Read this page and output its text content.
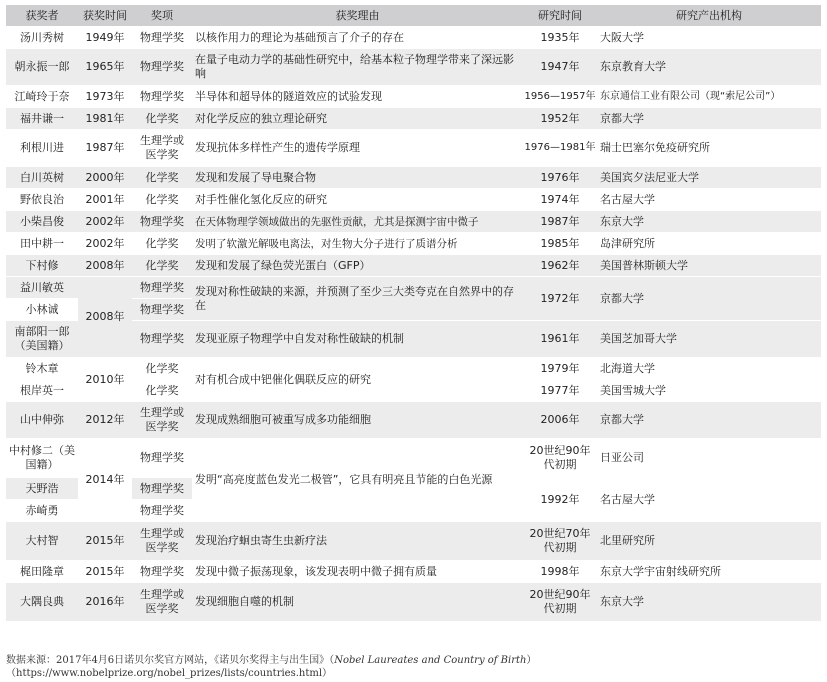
获奖者	获奖时间	奖项	获奖理由	研究时间	研究产出机构
汤川秀树	1949年	物理学奖	以核作用力的理论为基础预言了介子的存在	1935年	大阪大学
朝永振一郎	1965年	物理学奖	在量子电动力学的基础性研究中，给基本粒子物理学带来了深远影响	1947年	东京教育大学
江崎玲于奈	1973年	物理学奖	半导体和超导体的隧道效应的试验发现	1956—1957年	东京通信工业有限公司（现“索尼公司”）
福井谦一	1981年	化学奖	对化学反应的独立理论研究	1952年	京都大学
利根川进	1987年	生理学或医学奖	发现抗体多样性产生的遗传学原理	1976—1981年	瑞士巴塞尔免疫研究所
白川英树	2000年	化学奖	发现和发展了导电聚合物	1976年	美国宾夕法尼亚大学
野依良治	2001年	化学奖	对手性催化氢化反应的研究	1974年	名古屋大学
小柴昌俊	2002年	物理学奖	在天体物理学领域做出的先驱性贡献，尤其是探测宇宙中微子	1987年	东京大学
田中耕一	2002年	化学奖	发明了软激光解吸电离法，对生物大分子进行了质谱分析	1985年	岛津研究所
下村修	2008年	化学奖	发现和发展了绿色荧光蛋白（GFP）	1962年	美国普林斯顿大学
益川敏英	2008年	物理学奖	发现对称性破缺的来源，并预测了至少三大类夸克在自然界中的存在	1972年	京都大学
小林诚		物理学奖			
南部阳一郎（美国籍）		物理学奖	发现亚原子物理学中自发对称性破缺的机制	1961年	美国芝加哥大学
铃木章	2010年	化学奖	对有机合成中钯催化偶联反应的研究	1979年	北海道大学
根岸英一		化学奖		1977年	美国雪城大学
山中伸弥	2012年	生理学或医学奖	发现成熟细胞可被重写成多功能细胞	2006年	京都大学
中村修二（美国籍）	2014年	物理学奖	发明“高亮度蓝色发光二极管”，它具有明亮且节能的白色光源	20世纪90年代初期	日亚公司
天野浩		物理学奖		1992年	名古屋大学
赤崎勇		物理学奖			
大村智	2015年	生理学或医学奖	发现治疗蛔虫寄生虫新疗法	20世纪70年代初期	北里研究所
梶田隆章	2015年	物理学奖	发现中微子振荡现象，该发现表明中微子拥有质量	1998年	东京大学宇宙射线研究所
大隅良典	2016年	生理学或医学奖	发现细胞自噬的机制	20世纪90年代初期	东京大学
数据来源：2017年4月6日诺贝尔奖官方网站，《诺贝尔奖得主与出生国》（Nobel Laureates and Country of Birth）（https://www.nobelprize.org/nobel_prizes/lists/countries.html）
